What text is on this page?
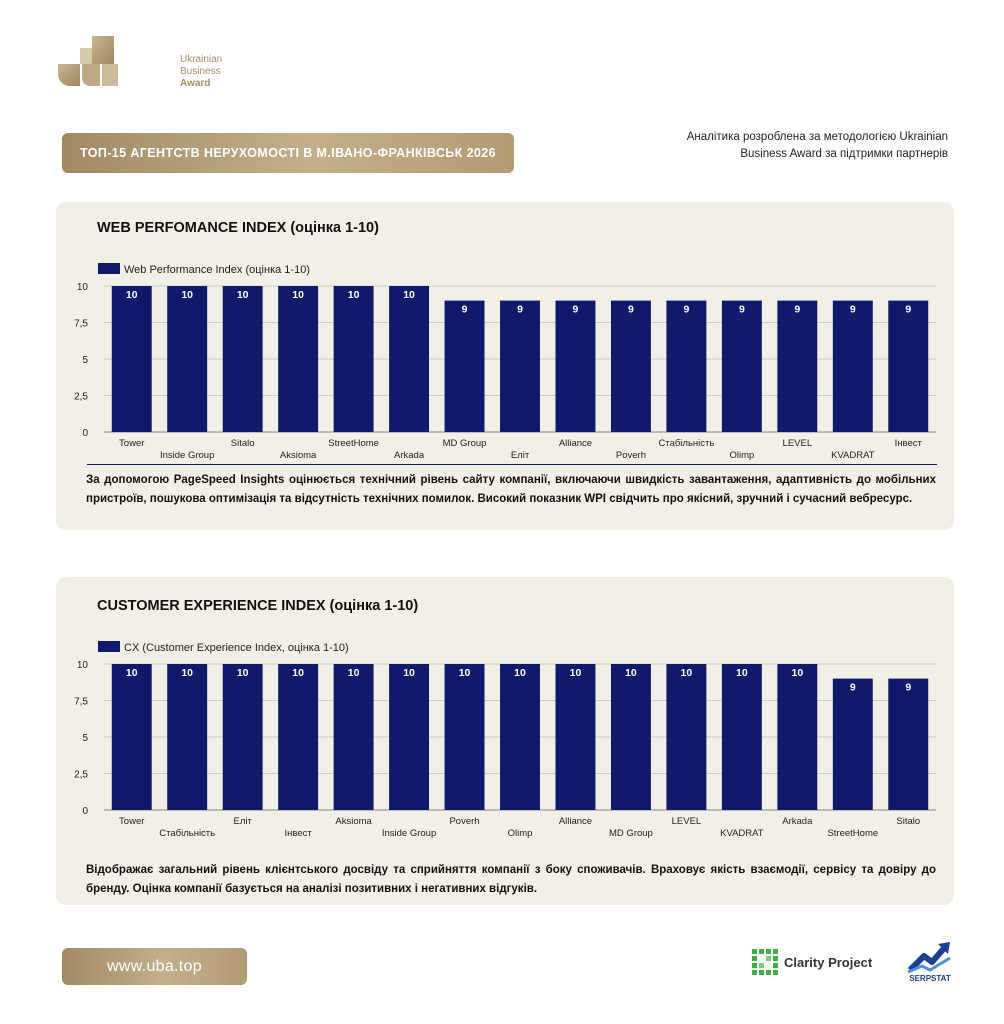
Ukrainian
Business
Award
ТОП-15 АГЕНТСТВ НЕРУХОМОСТІ В М.ІВАНО-ФРАНКІВСЬК 2026
Аналітика розроблена за методологією Ukrainian
Business Award за підтримки партнерів
WEB PERFOMANCE INDEX (оцінка 1-10)
Web Performance Index (оцінка 1-10)
0
2,5
5
7,5
10
10
Tower
10
Inside Group
10
Sitalo
10
Aksioma
10
StreetHome
10
Arkada
9
MD Group
9
Еліт
9
Alliance
9
Poverh
9
Стабільність
9
Olimp
9
LEVEL
9
KVADRAT
9
Інвест
За допомогою PageSpeed Insights оцінюється технічний рівень сайту компанії, включаючи швидкість завантаження, адаптивність до мобільних пристроїв, пошукова оптимізація та відсутність технічних помилок. Високий показник WPI свідчить про якісний, зручний і сучасний вебресурс.
CUSTOMER EXPERIENCE INDEX (оцінка 1-10)
CX (Customer Experience Index, оцінка 1-10)
0
2,5
5
7,5
10
10
Tower
10
Стабільність
10
Еліт
10
Інвест
10
Aksioma
10
Inside Group
10
Poverh
10
Olimp
10
Alliance
10
MD Group
10
LEVEL
10
KVADRAT
10
Arkada
9
StreetHome
9
Sitalo
Відображає загальний рівень клієнтського досвіду та сприйняття компанії з боку споживачів. Враховує якість взаємодії, сервісу та довіру до бренду. Оцінка компанії базується на аналізі позитивних і негативних відгуків.
www.uba.top	Clarity Project
SERPSTAT
